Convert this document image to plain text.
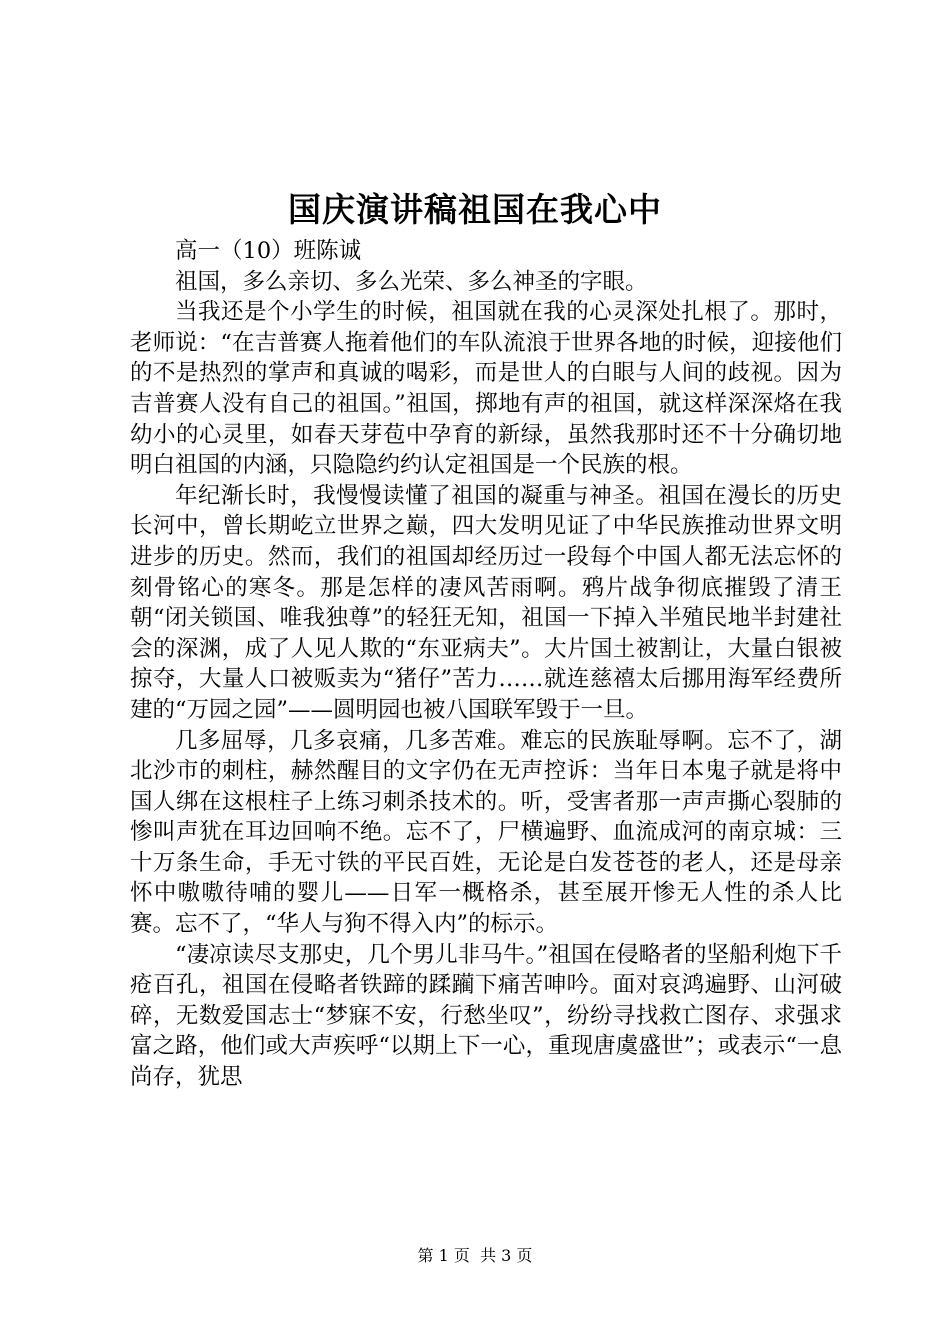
国庆演讲稿祖国在我心中

高一（10）班陈诚

祖国，多么亲切、多么光荣、多么神圣的字眼。

当我还是个小学生的时候，祖国就在我的心灵深处扎根了。那时，老师说：“在吉普赛人拖着他们的车队流浪于世界各地的时候，迎接他们的不是热烈的掌声和真诚的喝彩，而是世人的白眼与人间的歧视。因为吉普赛人没有自己的祖国。”祖国，掷地有声的祖国，就这样深深烙在我幼小的心灵里，如春天芽苞中孕育的新绿，虽然我那时还不十分确切地明白祖国的内涵，只隐隐约约认定祖国是一个民族的根。

年纪渐长时，我慢慢读懂了祖国的凝重与神圣。祖国在漫长的历史长河中，曾长期屹立世界之巅，四大发明见证了中华民族推动世界文明进步的历史。然而，我们的祖国却经历过一段每个中国人都无法忘怀的刻骨铭心的寒冬。那是怎样的凄风苦雨啊。鸦片战争彻底摧毁了清王朝“闭关锁国、唯我独尊”的轻狂无知，祖国一下掉入半殖民地半封建社会的深渊，成了人见人欺的“东亚病夫”。大片国土被割让，大量白银被掠夺，大量人口被贩卖为“猪仔”苦力……就连慈禧太后挪用海军经费所建的“万园之园”——圆明园也被八国联军毁于一旦。

几多屈辱，几多哀痛，几多苦难。难忘的民族耻辱啊。忘不了，湖北沙市的刺柱，赫然醒目的文字仍在无声控诉：当年日本鬼子就是将中国人绑在这根柱子上练习刺杀技术的。听，受害者那一声声撕心裂肺的惨叫声犹在耳边回响不绝。忘不了，尸横遍野、血流成河的南京城：三十万条生命，手无寸铁的平民百姓，无论是白发苍苍的老人，还是母亲怀中嗷嗷待哺的婴儿——日军一概格杀，甚至展开惨无人性的杀人比赛。忘不了，“华人与狗不得入内”的标示。

“凄凉读尽支那史，几个男儿非马牛。”祖国在侵略者的坚船利炮下千疮百孔，祖国在侵略者铁蹄的蹂躏下痛苦呻吟。面对哀鸿遍野、山河破碎，无数爱国志士“梦寐不安，行愁坐叹”，纷纷寻找救亡图存、求强求富之路，他们或大声疾呼“以期上下一心，重现唐虞盛世”；或表示“一息尚存，犹思

第 1 页  共 3 页
